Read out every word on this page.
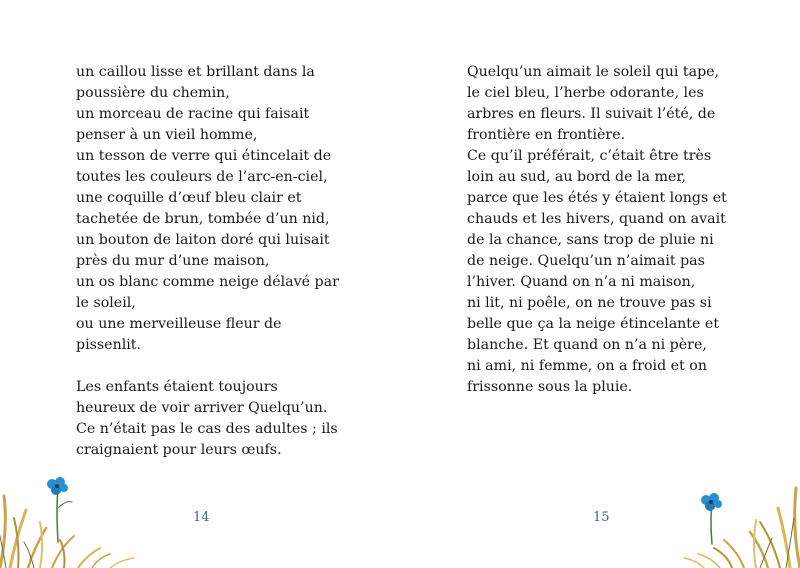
un caillou lisse et brillant dans la
poussière du chemin,
un morceau de racine qui faisait
penser à un vieil homme,
un tesson de verre qui étincelait de
toutes les couleurs de l’arc-en-ciel,
une coquille d’œuf bleu clair et
tachetée de brun, tombée d’un nid,
un bouton de laiton doré qui luisait
près du mur d’une maison,
un os blanc comme neige délavé par
le soleil,
ou une merveilleuse fleur de
pissenlit.
Les enfants étaient toujours
heureux de voir arriver Quelqu’un.
Ce n’était pas le cas des adultes ; ils
craignaient pour leurs œufs.
14
Quelqu’un aimait le soleil qui tape,
le ciel bleu, l’herbe odorante, les
arbres en fleurs. Il suivait l’été, de
frontière en frontière.
Ce qu’il préférait, c’était être très
loin au sud, au bord de la mer,
parce que les étés y étaient longs et
chauds et les hivers, quand on avait
de la chance, sans trop de pluie ni
de neige. Quelqu’un n’aimait pas
l’hiver. Quand on n’a ni maison,
ni lit, ni poêle, on ne trouve pas si
belle que ça la neige étincelante et
blanche. Et quand on n’a ni père,
ni ami, ni femme, on a froid et on
frissonne sous la pluie.
15
